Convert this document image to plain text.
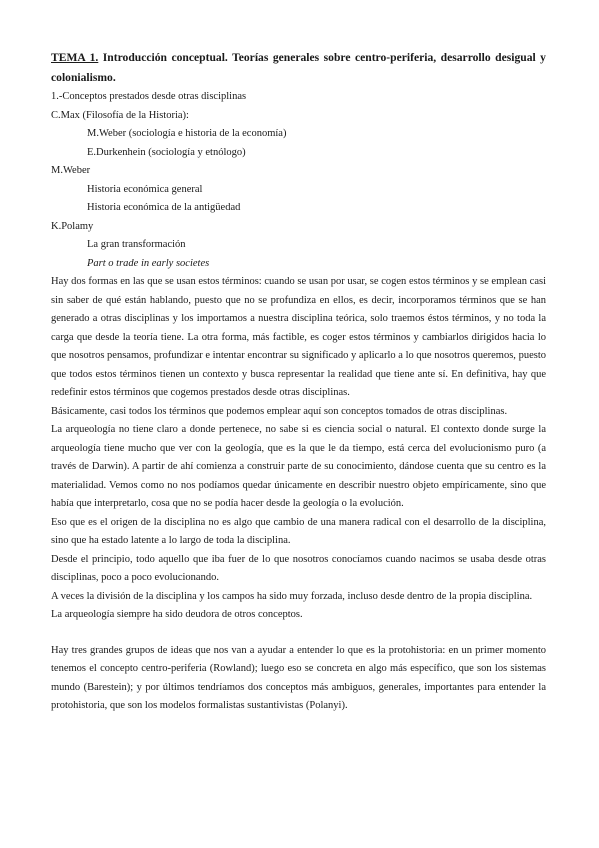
TEMA 1. Introducción conceptual. Teorías generales sobre centro-periferia, desarrollo desigual y colonialismo.

1.-Conceptos prestados desde otras disciplinas

C.Max (Filosofía de la Historia):

M.Weber (sociología e historia de la economía)

E.Durkenhein (sociología y etnólogo)

M.Weber

Historia económica general

Historia económica de la antigüedad

K.Polamy

La gran transformación

Part o trade in early societes

Hay dos formas en las que se usan estos términos: cuando se usan por usar, se cogen estos términos y se emplean casi sin saber de qué están hablando, puesto que no se profundiza en ellos, es decir, incorporamos términos que se han generado a otras disciplinas y los importamos a nuestra disciplina teórica, solo traemos éstos términos, y no toda la carga que desde la teoría tiene. La otra forma, más factible, es coger estos términos y cambiarlos dirigidos hacia lo que nosotros pensamos, profundizar e intentar encontrar su significado y aplicarlo a lo que nosotros queremos, puesto que todos estos términos tienen un contexto y busca representar la realidad que tiene ante sí. En definitiva, hay que redefinir estos términos que cogemos prestados desde otras disciplinas.

Básicamente, casi todos los términos que podemos emplear aquí son conceptos tomados de otras disciplinas.

La arqueología no tiene claro a donde pertenece, no sabe si es ciencia social o natural. El contexto donde surge la arqueología tiene mucho que ver con la geología, que es la que le da tiempo, está cerca del evolucionismo puro (a través de Darwin). A partir de ahí comienza a construir parte de su conocimiento, dándose cuenta que su centro es la materialidad. Vemos como no nos podíamos quedar únicamente en describir nuestro objeto empíricamente, sino que había que interpretarlo, cosa que no se podía hacer desde la geología o la evolución.

Eso que es el origen de la disciplina no es algo que cambio de una manera radical con el desarrollo de la disciplina, sino que ha estado latente a lo largo de toda la disciplina.

Desde el principio, todo aquello que iba fuer de lo que nosotros conocíamos cuando nacimos se usaba desde otras disciplinas, poco a poco evolucionando.

A veces la división de la disciplina y los campos ha sido muy forzada, incluso desde dentro de la propia disciplina.

La arqueología siempre ha sido deudora de otros conceptos.

Hay tres grandes grupos de ideas que nos van a ayudar a entender lo que es la protohistoria: en un primer momento tenemos el concepto centro-periferia (Rowland); luego eso se concreta en algo más específico, que son los sistemas mundo (Barestein); y por últimos tendríamos dos conceptos más ambiguos, generales, importantes para entender la protohistoria, que son los modelos formalistas sustantivistas (Polanyi).
